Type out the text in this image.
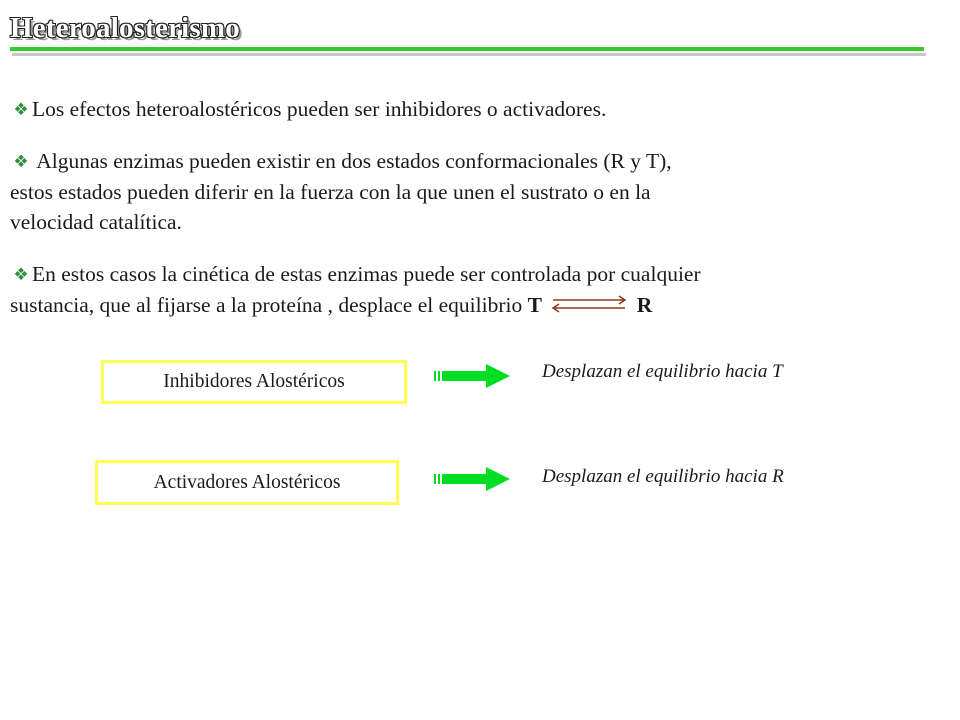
Heteroalosterismo

❖ Los efectos heteroalostéricos pueden ser inhibidores o activadores.

❖ Algunas enzimas pueden existir en dos estados conformacionales (R y T),
estos estados pueden diferir en la fuerza con la que unen el sustrato o en la
velocidad catalítica.

❖ En estos casos la cinética de estas enzimas puede ser controlada por cualquier
sustancia, que al fijarse a la proteína , desplace el equilibrio T ⇌ R

Inhibidores Alostéricos	Desplazan el equilibrio hacia T
Activadores Alostéricos	Desplazan el equilibrio hacia R
